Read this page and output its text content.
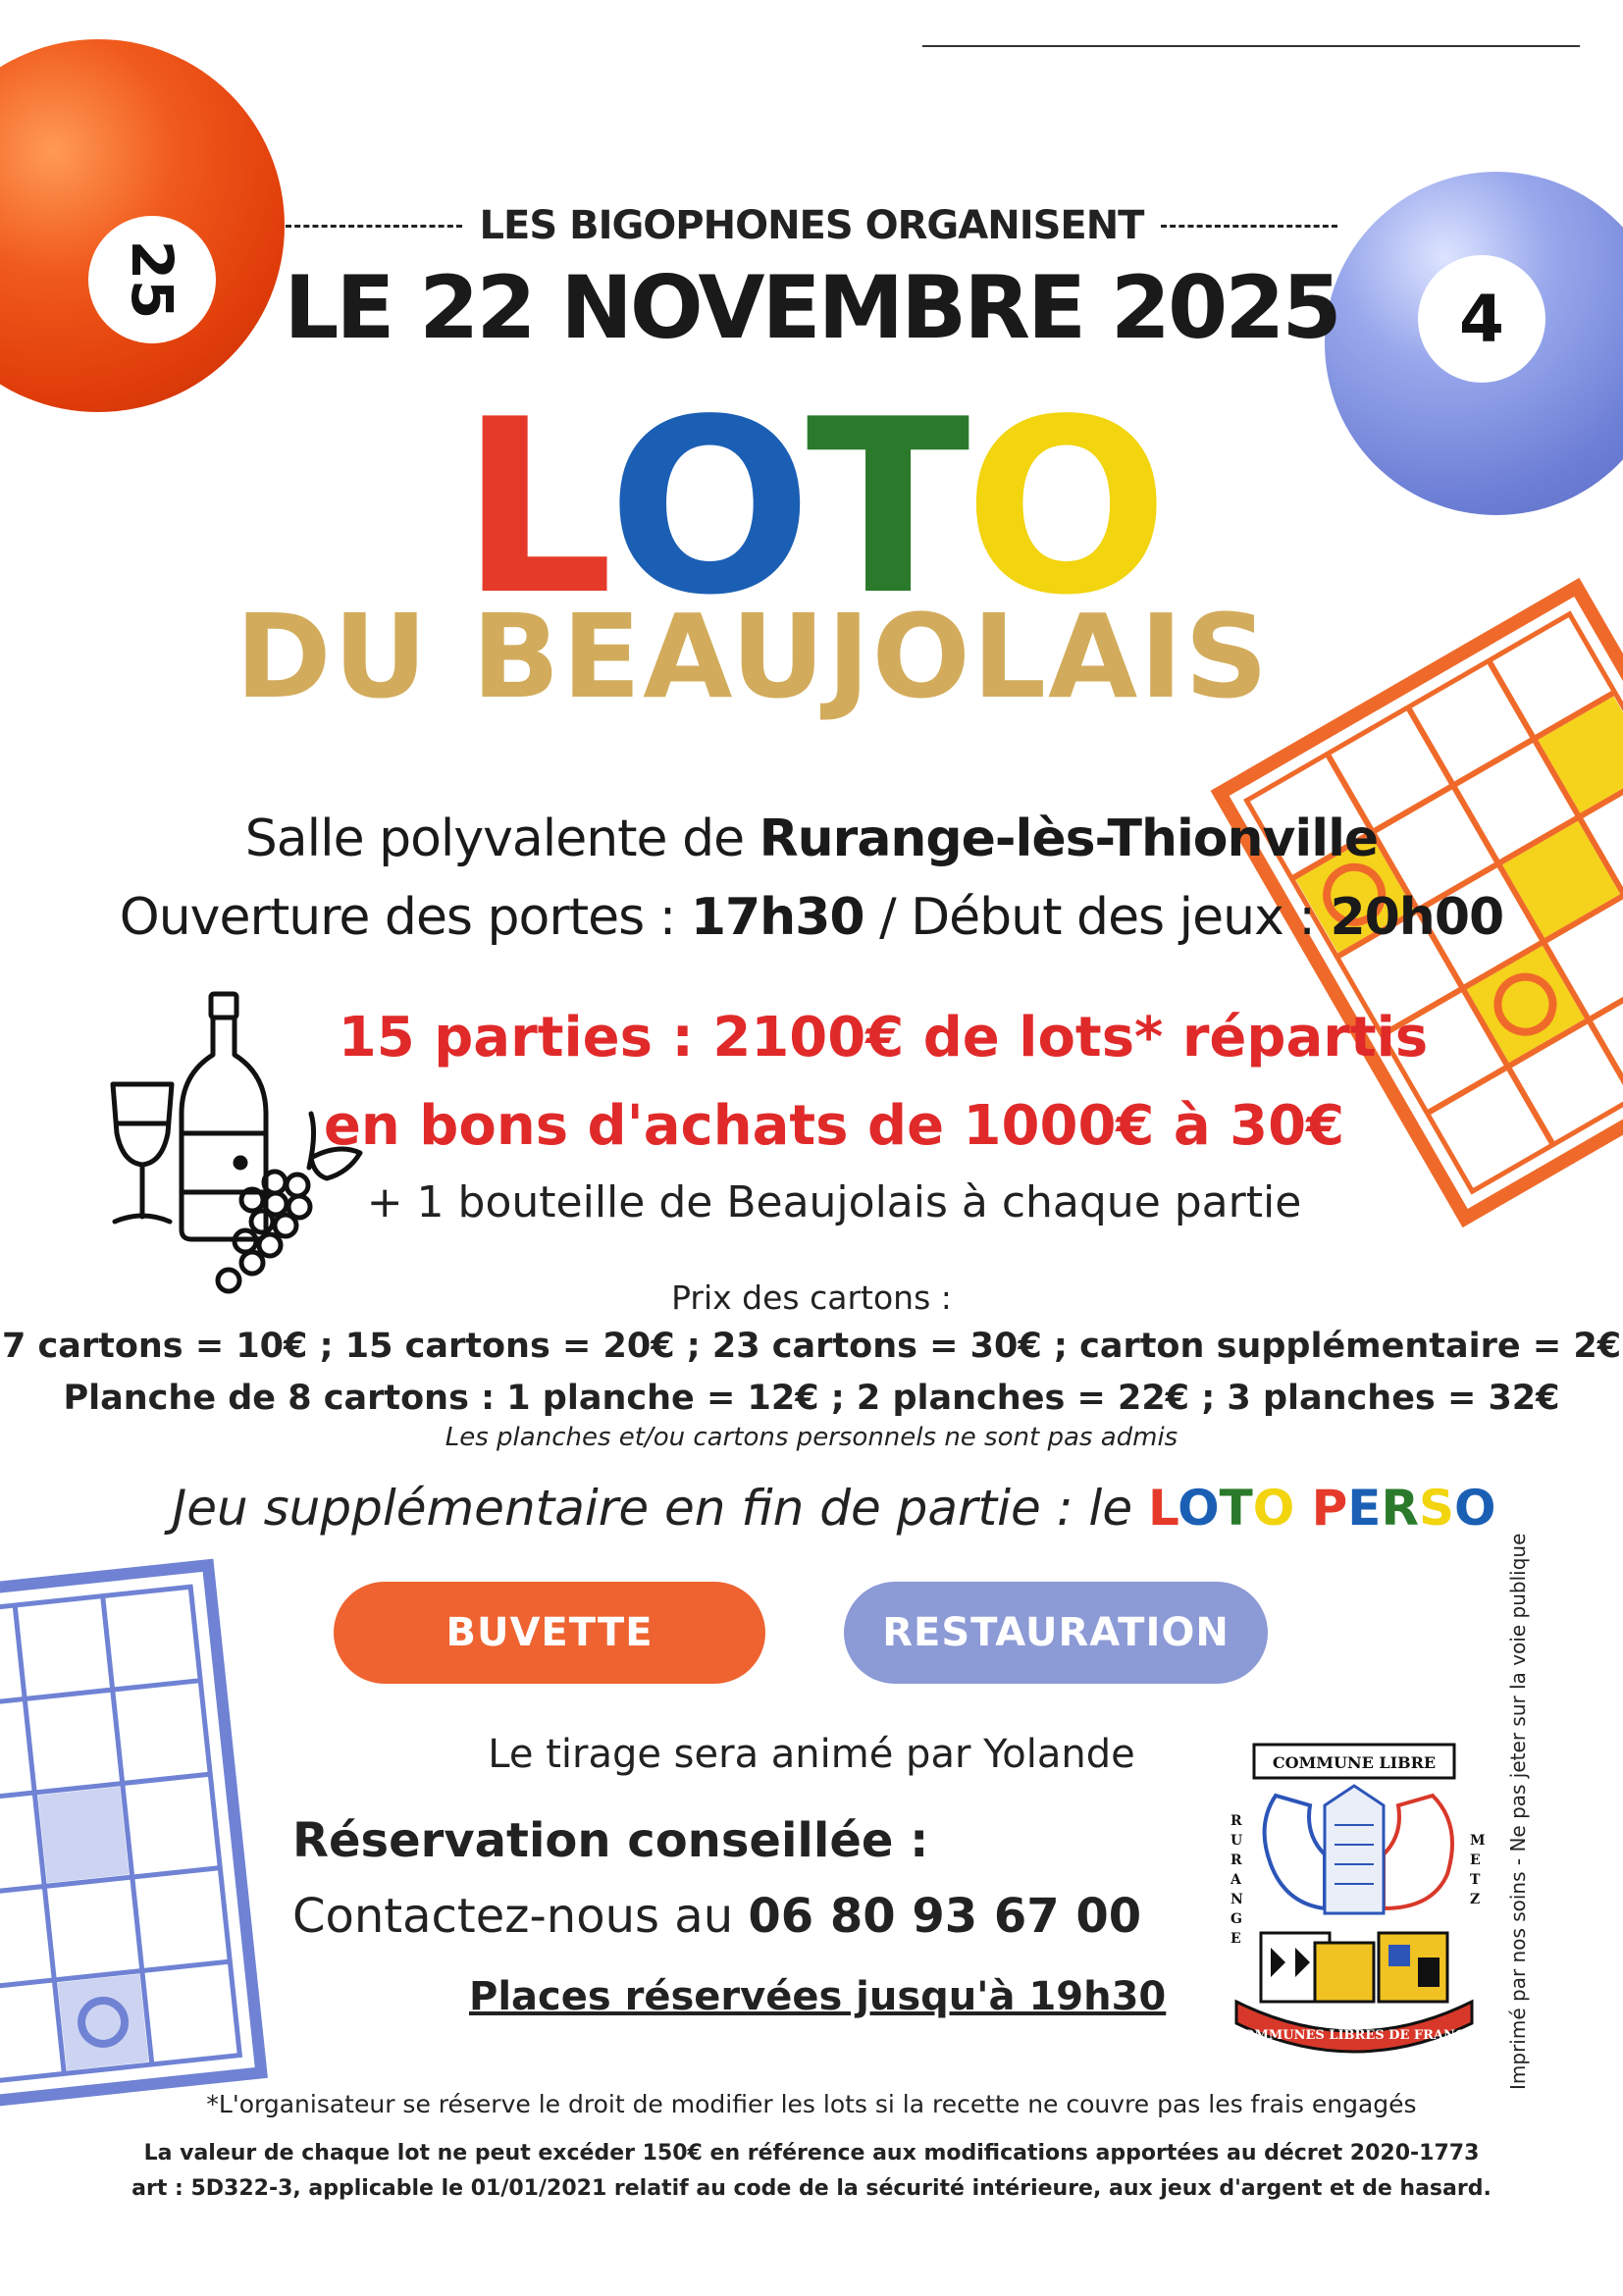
25	4
LES BIGOPHONES ORGANISENT
LE 22 NOVEMBRE 2025
LOTO
DU BEAUJOLAIS
Salle polyvalente de Rurange-lès-Thionville
Ouverture des portes : 17h30 / Début des jeux : 20h00
15 parties : 2100€ de lots* répartis
en bons d'achats de 1000€ à 30€
+ 1 bouteille de Beaujolais à chaque partie
Prix des cartons :
7 cartons = 10€ ; 15 cartons = 20€ ; 23 cartons = 30€ ; carton supplémentaire = 2€
Planche de 8 cartons : 1 planche = 12€ ; 2 planches = 22€ ; 3 planches = 32€
Les planches et/ou cartons personnels ne sont pas admis
Jeu supplémentaire en fin de partie : le LOTO PERSO
BUVETTE	RESTAURATION
Le tirage sera animé par Yolande
Réservation conseillée :
Contactez-nous au 06 80 93 67 00
Places réservées jusqu'à 19h30
COMMUNE LIBRE
R U R A N G E
M E T Z
COMMUNES LIBRES DE FRANCE Imprimé par nos soins - Ne pas jeter sur la voie publique
*L'organisateur se réserve le droit de modifier les lots si la recette ne couvre pas les frais engagés
La valeur de chaque lot ne peut excéder 150€ en référence aux modifications apportées au décret 2020-1773
art : 5D322-3, applicable le 01/01/2021 relatif au code de la sécurité intérieure, aux jeux d'argent et de hasard.
